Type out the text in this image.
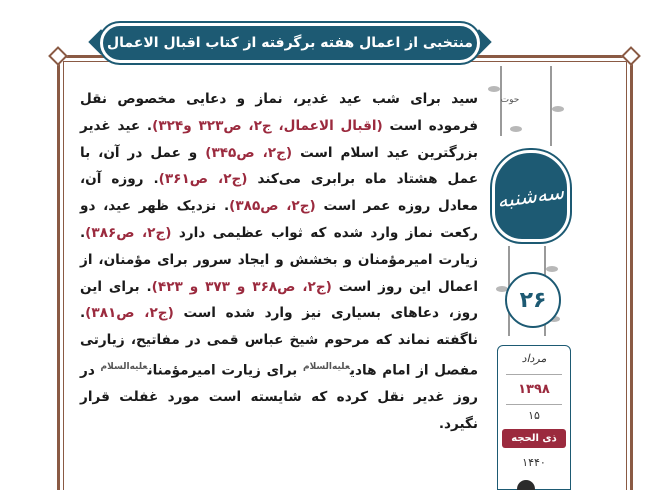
منتخبی از اعمال هفته برگرفته از کتاب اقبال الاعمال
سید برای شب عید غدیر، نماز و دعایی مخصوص نقل فرموده است (اقبال الاعمال، ج۲، ص۳۲۳ و۳۲۴). عید غدیر بزرگترین عید اسلام است (ج۲، ص۳۴۵) و عمل در آن، با عمل هشتاد ماه برابری می‌کند (ج۲، ص۳۶۱). روزه آن، معادل روزه عمر است (ج۲، ص۳۸۵). نزدیک ظهر عید، دو رکعت نماز وارد شده که ثواب عظیمی دارد (ج۲، ص۳۸۶). زیارت امیرمؤمنان و بخشش و ایجاد سرور برای مؤمنان، از اعمال این روز است (ج۲، ص۳۶۸ و ۳۷۳ و ۴۲۳). برای این روز، دعاهای بسیاری نیز وارد شده است (ج۲، ص۳۸۱). ناگفته نماند که مرحوم شیخ عباس قمی در مفاتیح، زیارتی مفصل از امام هادی$^{علیه‌السلام}$ برای زیارت امیرمؤمنان$^{علیه‌السلام}$ در روز غدیر نقل کرده که شایسته است مورد غفلت قرار نگیرد.
حوت
سه‌شنبه
۲۶
مرداد
۱۳۹۸
۱۵
ذی الحجه
۱۴۴۰
